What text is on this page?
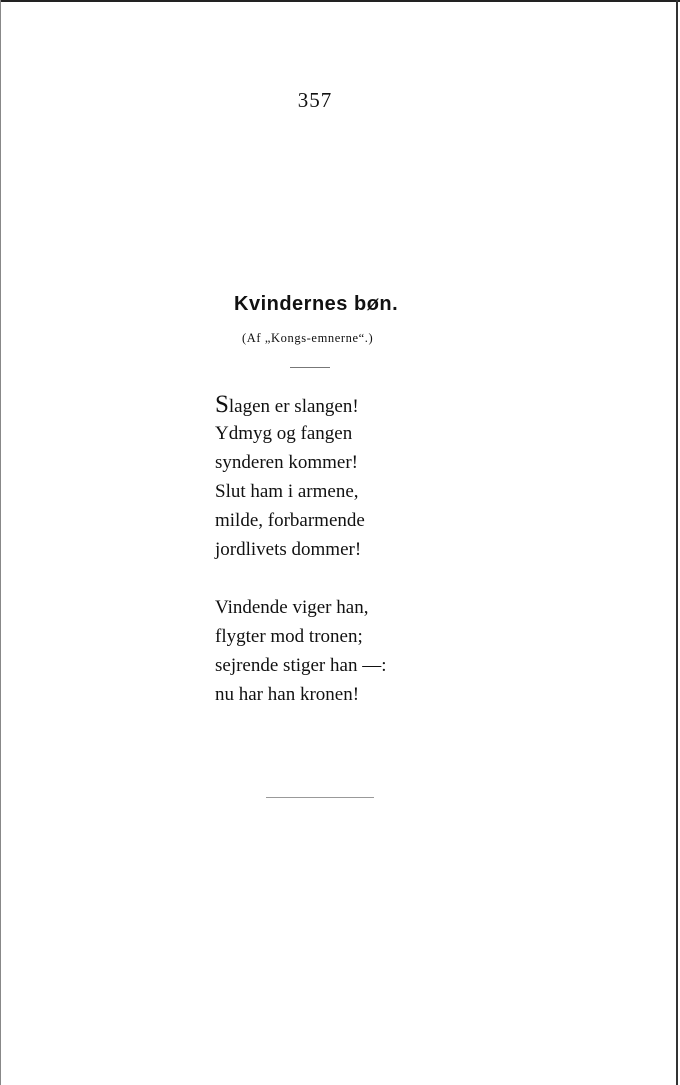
357
Kvindernes bøn.
(Af „Kongs-emnerne“.)
Slagen er slangen!
Ydmyg og fangen
synderen kommer!
Slut ham i armene,
milde, forbarmende
jordlivets dommer!
Vindende viger han,
flygter mod tronen;
sejrende stiger han —:
nu har han kronen!
